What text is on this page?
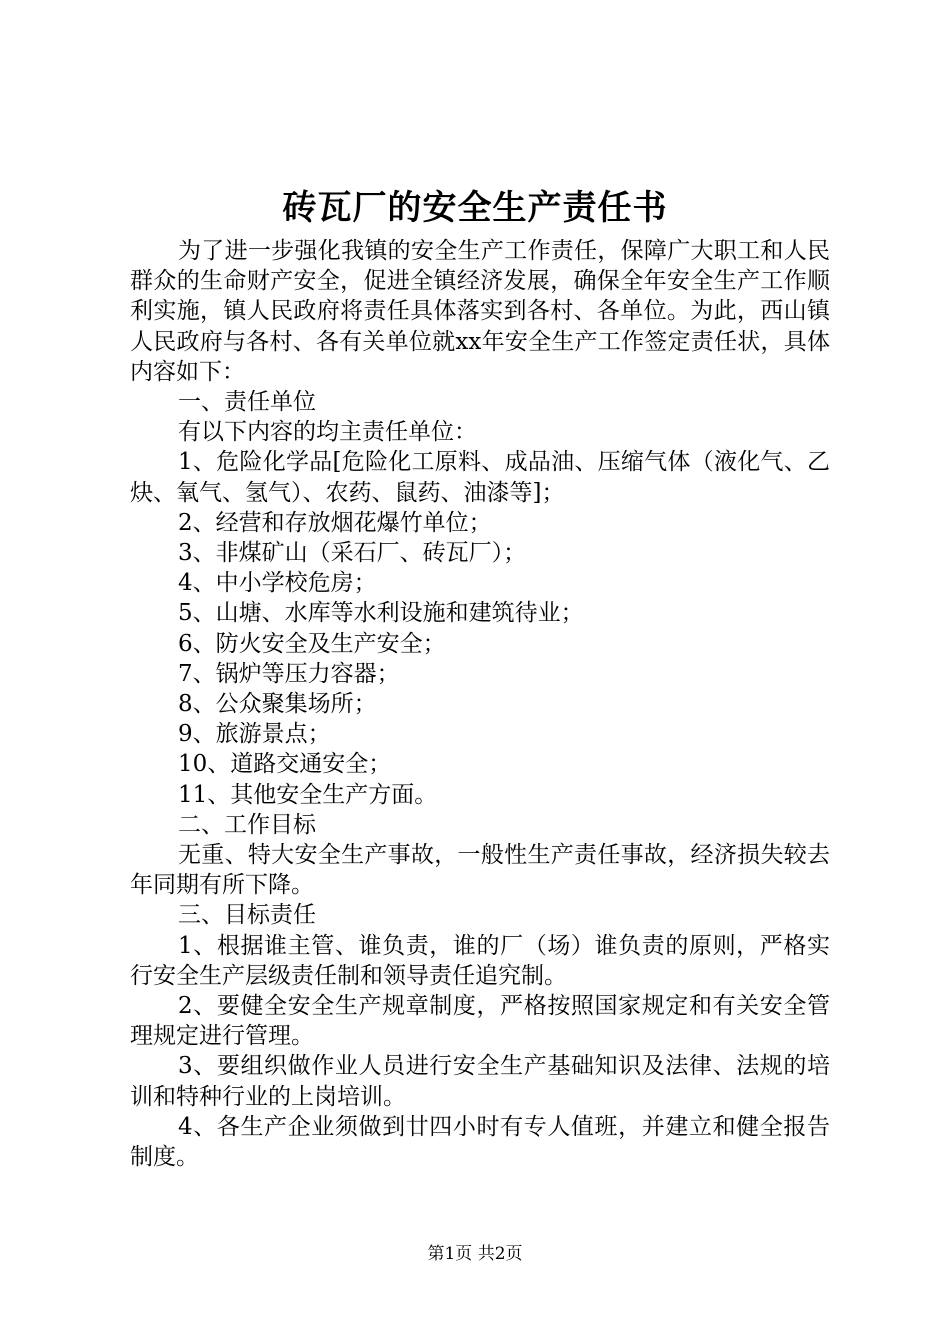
砖瓦厂的安全生产责任书

为了进一步强化我镇的安全生产工作责任，保障广大职工和人民群众的生命财产安全，促进全镇经济发展，确保全年安全生产工作顺利实施，镇人民政府将责任具体落实到各村、各单位。为此，西山镇人民政府与各村、各有关单位就xx年安全生产工作签定责任状，具体内容如下：

一、责任单位

有以下内容的均主责任单位：

1、危险化学品[危险化工原料、成品油、压缩气体（液化气、乙炔、氧气、氢气）、农药、鼠药、油漆等]；

2、经营和存放烟花爆竹单位；

3、非煤矿山（采石厂、砖瓦厂）；

4、中小学校危房；

5、山塘、水库等水利设施和建筑待业；

6、防火安全及生产安全；

7、锅炉等压力容器；

8、公众聚集场所；

9、旅游景点；

10、道路交通安全；

11、其他安全生产方面。

二、工作目标

无重、特大安全生产事故，一般性生产责任事故，经济损失较去年同期有所下降。

三、目标责任

1、根据谁主管、谁负责，谁的厂（场）谁负责的原则，严格实行安全生产层级责任制和领导责任追究制。

2、要健全安全生产规章制度，严格按照国家规定和有关安全管理规定进行管理。

3、要组织做作业人员进行安全生产基础知识及法律、法规的培训和特种行业的上岗培训。

4、各生产企业须做到廿四小时有专人值班，并建立和健全报告制度。

第1页 共2页
